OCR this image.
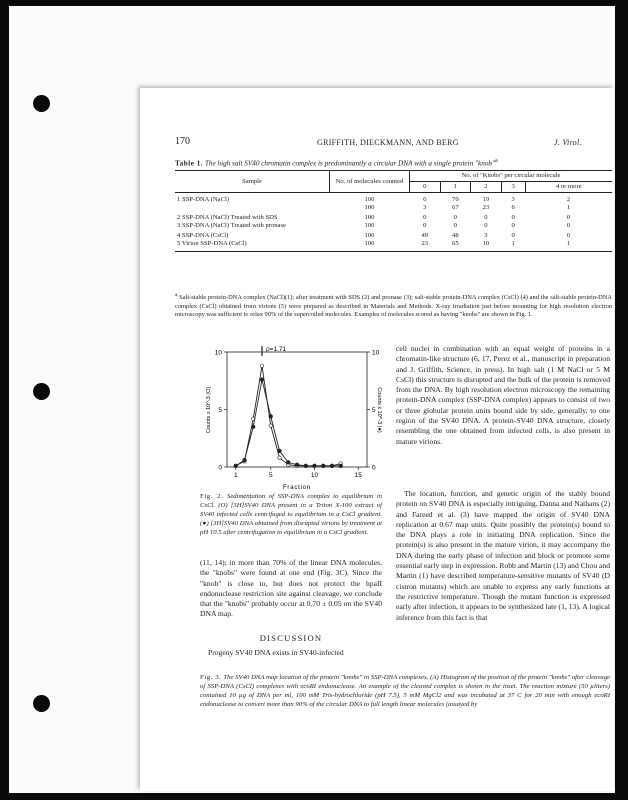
170	GRIFFITH, DIECKMANN, AND BERG	J. Virol.
Table 1. The high salt SV40 chromatin complex is predominantly a circular DNA with a single protein "knob"$^a$
Sample	No. of molecules counted	No. of "Knobs" per circular molecule				
		0	1	2	3	4 or more
1 SSP-DNA (NaCl)	100	6	70	19	3	2
	100	3	67	23	6	1
2 SSP-DNA (NaCl) Treated with SDS	100	0	0	0	0	0
3 SSP-DNA (NaCl) Treated with pronase	100	0	0	0	0	0
4 SSP-DNA (CsCl)	100	49	48	3	0	0
5 Virion SSP-DNA (CsCl)	100	23	65	10	1	1
$^a$ Salt-stable protein-DNA complex (NaCl)(1); after treatment with SDS (2) and pronase (3); salt-stable protein-DNA complex (CsCl) (4) and the salt-stable protein-DNA complex (CsCl) obtained from virions (5) were prepared as described in Materials and Methods. X-ray irradiation just before mounting for high resolution electron microscopy was sufficient to relax 90% of the supercoiled molecules. Examples of molecules scored as having "knobs" are shown in Fig. 1.
1	5	10	15
0	0
5	5
10	10
Fraction
Counts x 10^-3 (O)	Counts x 10^-3 (●)
ρ=1.71
Fig. 2. Sedimentation of SSP-DNA complex to equilibrium in CsCl. (O) [3H]SV40 DNA present in a Triton X-100 extract of SV40 infected cells centrifuged to equilibrium in a CsCl gradient. (●) [3H]SV40 DNA obtained from disrupted virions by treatment at pH 10.5 after centrifugation to equilibrium in a CsCl gradient.
(11, 14); in more than 70% of the linear DNA molecules, the "knobs" were found at one end (Fig. 3C). Since the "knob" is close to, but does not protect the hpaII endonuclease restriction site against cleavage, we conclude that the "knobs" probably occur at 0.70 ± 0.05 on the SV40 DNA map.
DISCUSSION
Progeny SV40 DNA exists in SV40-infected
cell nuclei in combination with an equal weight of proteins in a chromatin-like structure (6, 17, Perez et al., manuscript in preparation and J. Griffith, Science, in press). In high salt (1 M NaCl or 5 M CsCl) this structure is disrupted and the bulk of the protein is removed from the DNA. By high resolution electron microscopy the remaining protein-DNA complex (SSP-DNA complex) appears to consist of two or three globular protein units bound side by side, generally, to one region of the SV40 DNA. A protein-SV40 DNA structure, closely resembling the one obtained from infected cells, is also present in mature virions.
The location, function, and genetic origin of the stably bound protein on SV40 DNA is especially intriguing. Danna and Nathans (2) and Fareed et al. (3) have mapped the origin of SV40 DNA replication at 0.67 map units. Quite possibly the protein(s) bound to the DNA plays a role in initiating DNA replication. Since the protein(s) is also present in the mature virion, it may accompany the DNA during the early phase of infection and block or promote some essential early step in expression. Robb and Martin (13) and Chou and Martin (1) have described temperature-sensitive mutants of SV40 (D cistron mutants) which are unable to express any early functions at the restrictive temperature. Though the mutant function is expressed early after infection, it appears to be synthesized late (1, 13). A logical inference from this fact is that
Fig. 3. The SV40 DNA map location of the protein "knobs" in SSP-DNA complexes. (A) Histogram of the position of the protein "knobs" after cleavage of SSP-DNA (CsCl) complexes with ecoRI endonuclease. An example of the cleaved complex is shown in the inset. The reaction mixture (50 µliters) contained 10 µg of DNA per ml, 100 mM Tris-hydrochloride (pH 7.5), 5 mM MgCl2 and was incubated at 37 C for 20 min with enough ecoRI endonuclease to convert more than 90% of the circular DNA to full length linear molecules (assayed by
